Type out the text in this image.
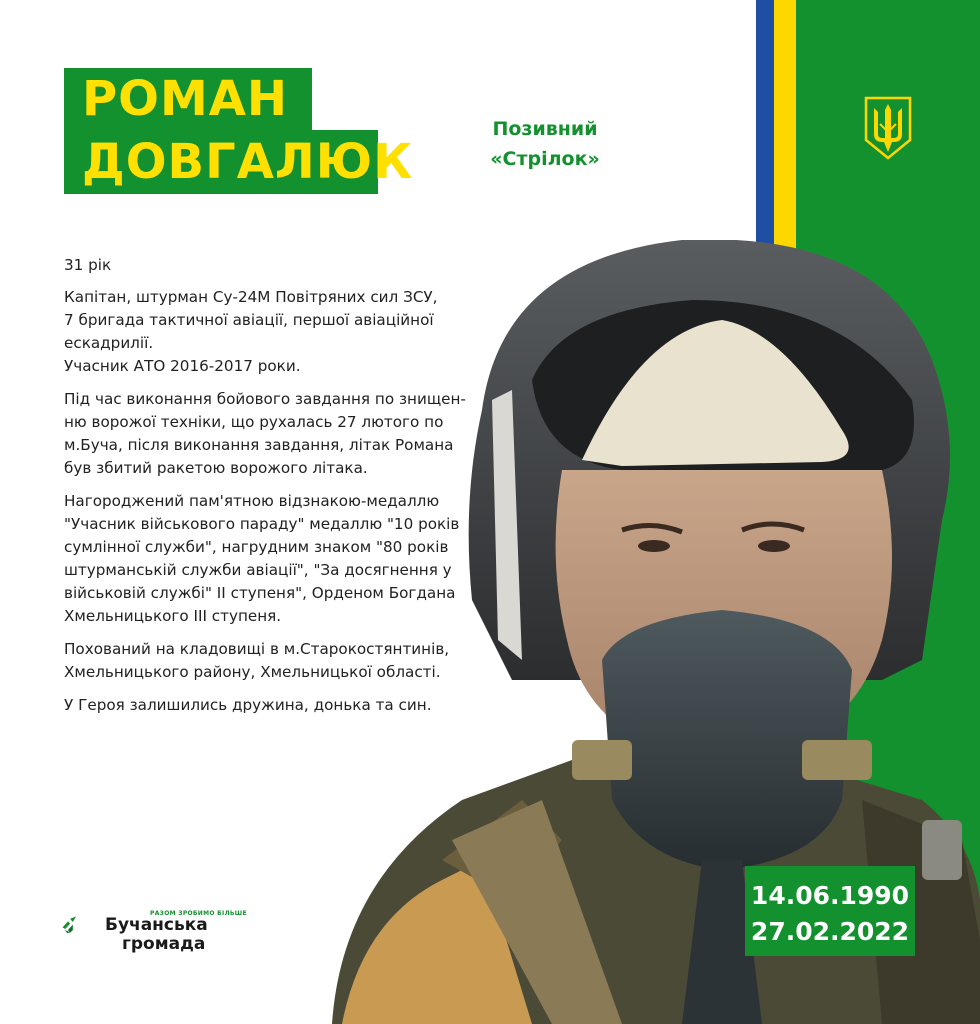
РОМАН
ДОВГАЛЮК
Позивний
«Стрілок»

31 рік

Капітан, штурман Су-24М Повітряних сил ЗСУ,
7 бригада тактичної авіації, першої авіаційної
ескадрилії.
Учасник АТО 2016-2017 роки.

Під час виконання бойового завдання по знищен-
ню ворожої техніки, що рухалась 27 лютого по
м.Буча, після виконання завдання, літак Романа
був збитий ракетою ворожого літака.

Нагороджений пам'ятною відзнакою-медаллю
"Учасник військового параду" медаллю "10 років
сумлінної служби", нагрудним знаком "80 років
штурманській служби авіації", "За досягнення у
військовій службі" ІІ ступеня", Орденом Богдана
Хмельницького ІІІ ступеня.

Похований на кладовищі в м.Старокостянтинів,
Хмельницького району, Хмельницької області.

У Героя залишились дружина, донька та син.

14.06.1990
27.02.2022
РАЗОМ ЗРОБИМО БІЛЬШЕ
Бучанська
громада
